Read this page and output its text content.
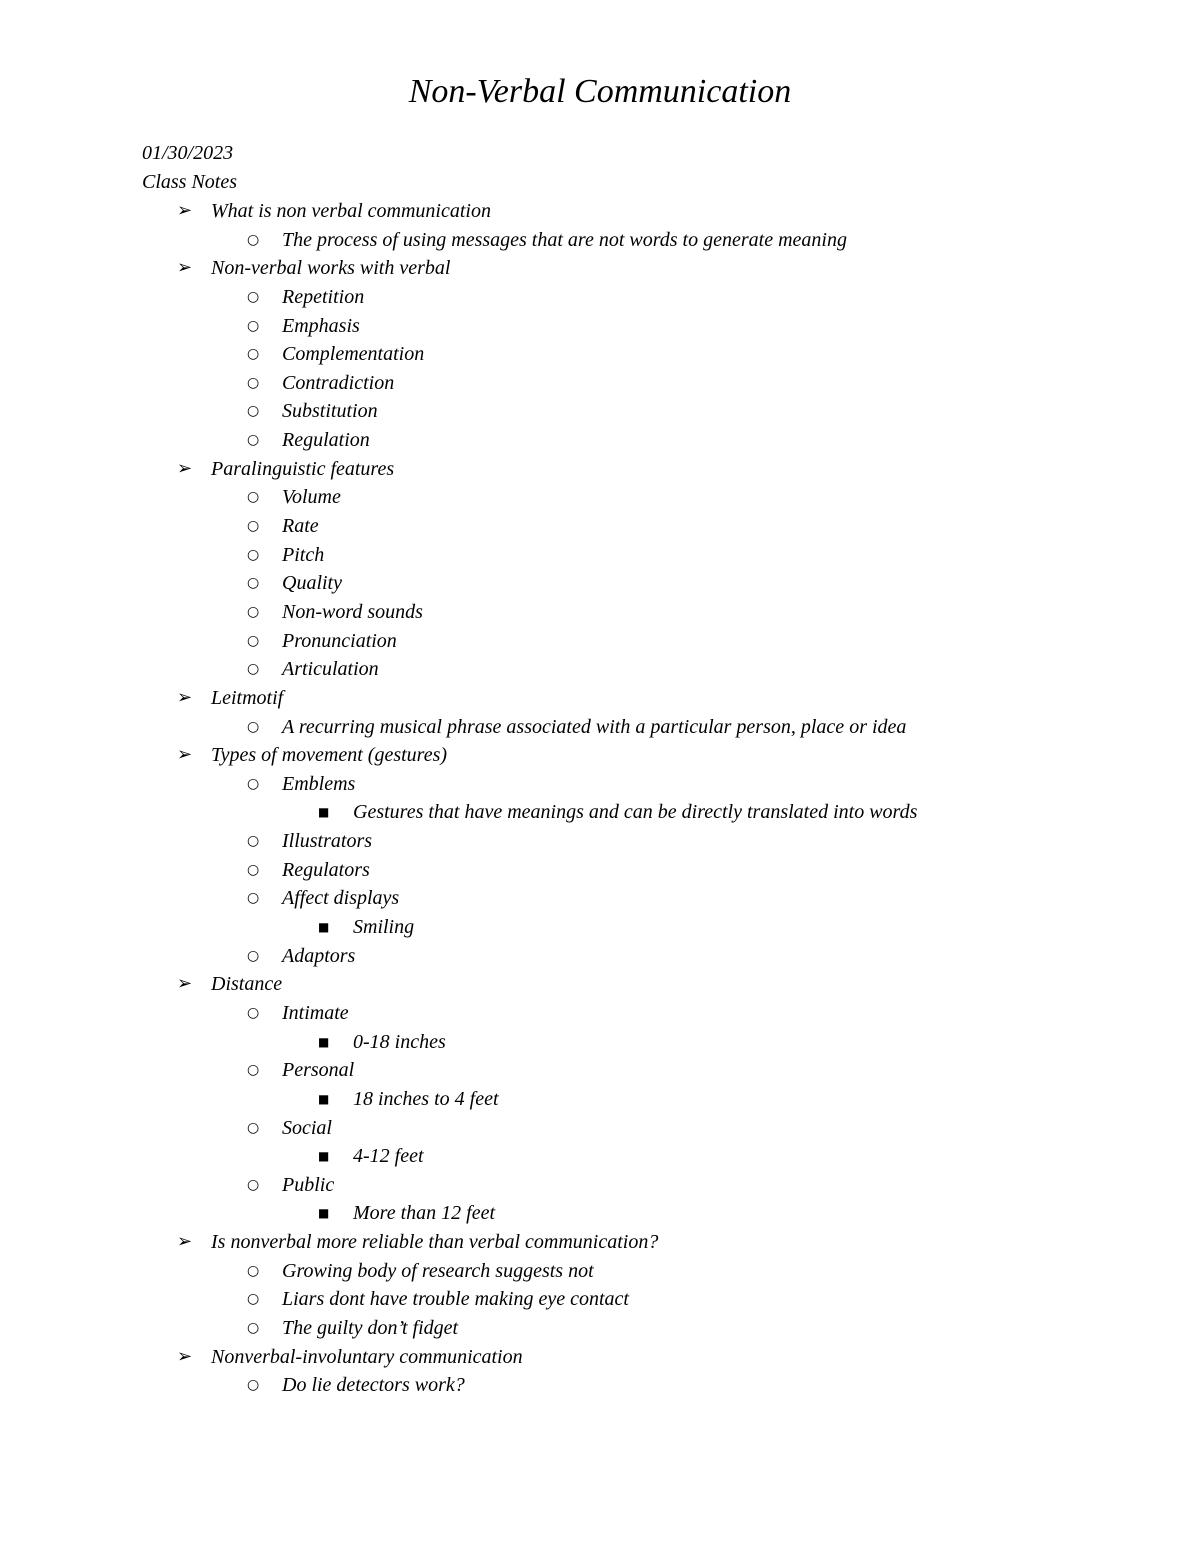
Non-Verbal Communication
01/30/2023
Class Notes
➢ What is non verbal communication
○ The process of using messages that are not words to generate meaning
➢ Non-verbal works with verbal
○ Repetition
○ Emphasis
○ Complementation
○ Contradiction
○ Substitution
○ Regulation
➢ Paralinguistic features
○ Volume
○ Rate
○ Pitch
○ Quality
○ Non-word sounds
○ Pronunciation
○ Articulation
➢ Leitmotif
○ A recurring musical phrase associated with a particular person, place or idea
➢ Types of movement (gestures)
○ Emblems
■ Gestures that have meanings and can be directly translated into words
○ Illustrators
○ Regulators
○ Affect displays
■ Smiling
○ Adaptors
➢ Distance
○ Intimate
■ 0-18 inches
○ Personal
■ 18 inches to 4 feet
○ Social
■ 4-12 feet
○ Public
■ More than 12 feet
➢ Is nonverbal more reliable than verbal communication?
○ Growing body of research suggests not
○ Liars dont have trouble making eye contact
○ The guilty don’t fidget
➢ Nonverbal-involuntary communication
○ Do lie detectors work?
